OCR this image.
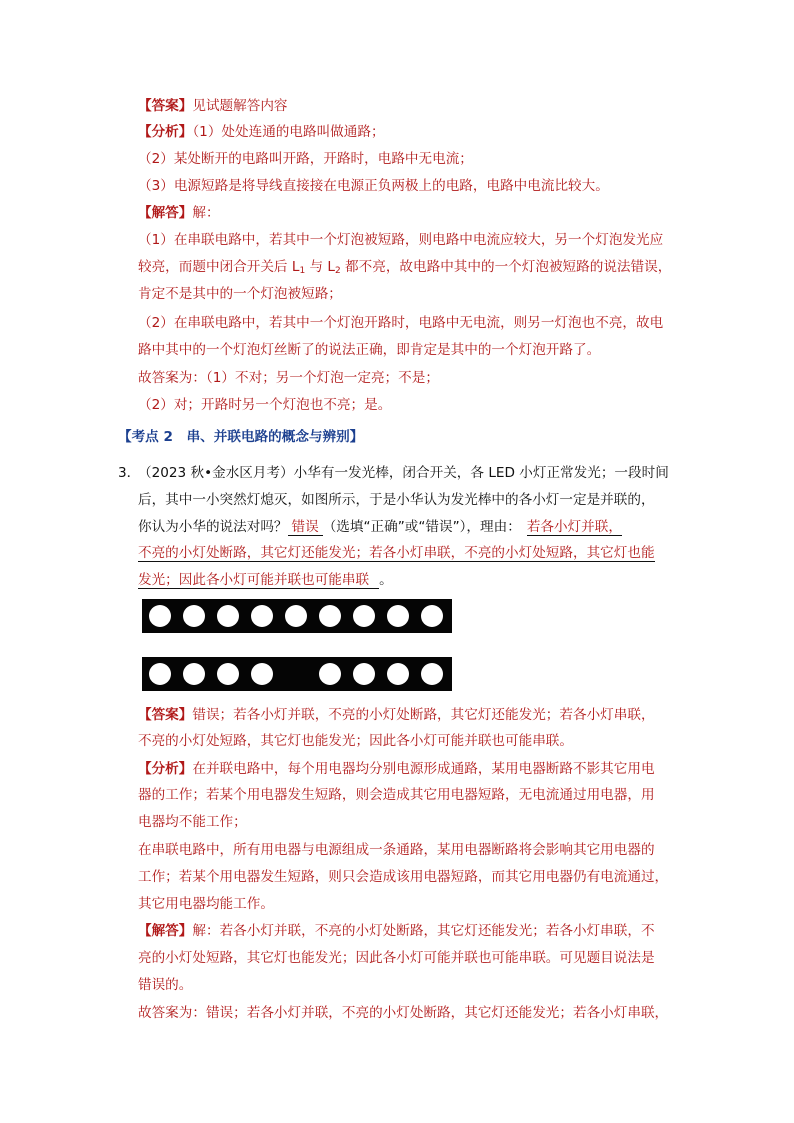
【答案】见试题解答内容
【分析】（1）处处连通的电路叫做通路；
（2）某处断开的电路叫开路，开路时，电路中无电流；
（3）电源短路是将导线直接接在电源正负两极上的电路，电路中电流比较大。
【解答】解：
（1）在串联电路中，若其中一个灯泡被短路，则电路中电流应较大，另一个灯泡发光应
较亮，而题中闭合开关后 $L_1$ 与 $L_2$ 都不亮，故电路中其中的一个灯泡被短路的说法错误，
肯定不是其中的一个灯泡被短路；
（2）在串联电路中，若其中一个灯泡开路时，电路中无电流，则另一灯泡也不亮，故电
路中其中的一个灯泡灯丝断了的说法正确，即肯定是其中的一个灯泡开路了。
故答案为：（1）不对；另一个灯泡一定亮；不是；
（2）对；开路时另一个灯泡也不亮；是。
【考点 2　串、并联电路的概念与辨别】
3．
（2023 秋•金水区月考）小华有一发光棒，闭合开关，各 LED 小灯正常发光；一段时间
后，其中一小突然灯熄灭，如图所示，于是小华认为发光棒中的各小灯一定是并联的，
你认为小华的说法对吗？ 错误 （选填“正确”或“错误”），理由： 若各小灯并联，
不亮的小灯处断路，其它灯还能发光；若各小灯串联，不亮的小灯处短路，其它灯也能
发光；因此各小灯可能并联也可能串联 。
【答案】错误；若各小灯并联，不亮的小灯处断路，其它灯还能发光；若各小灯串联，
不亮的小灯处短路，其它灯也能发光；因此各小灯可能并联也可能串联。
【分析】在并联电路中，每个用电器均分别电源形成通路，某用电器断路不影其它用电
器的工作；若某个用电器发生短路，则会造成其它用电器短路，无电流通过用电器，用
电器均不能工作；
在串联电路中，所有用电器与电源组成一条通路，某用电器断路将会影响其它用电器的
工作；若某个用电器发生短路，则只会造成该用电器短路，而其它用电器仍有电流通过，
其它用电器均能工作。
【解答】解：若各小灯并联，不亮的小灯处断路，其它灯还能发光；若各小灯串联，不
亮的小灯处短路，其它灯也能发光；因此各小灯可能并联也可能串联。可见题目说法是
错误的。
故答案为：错误；若各小灯并联，不亮的小灯处断路，其它灯还能发光；若各小灯串联，
